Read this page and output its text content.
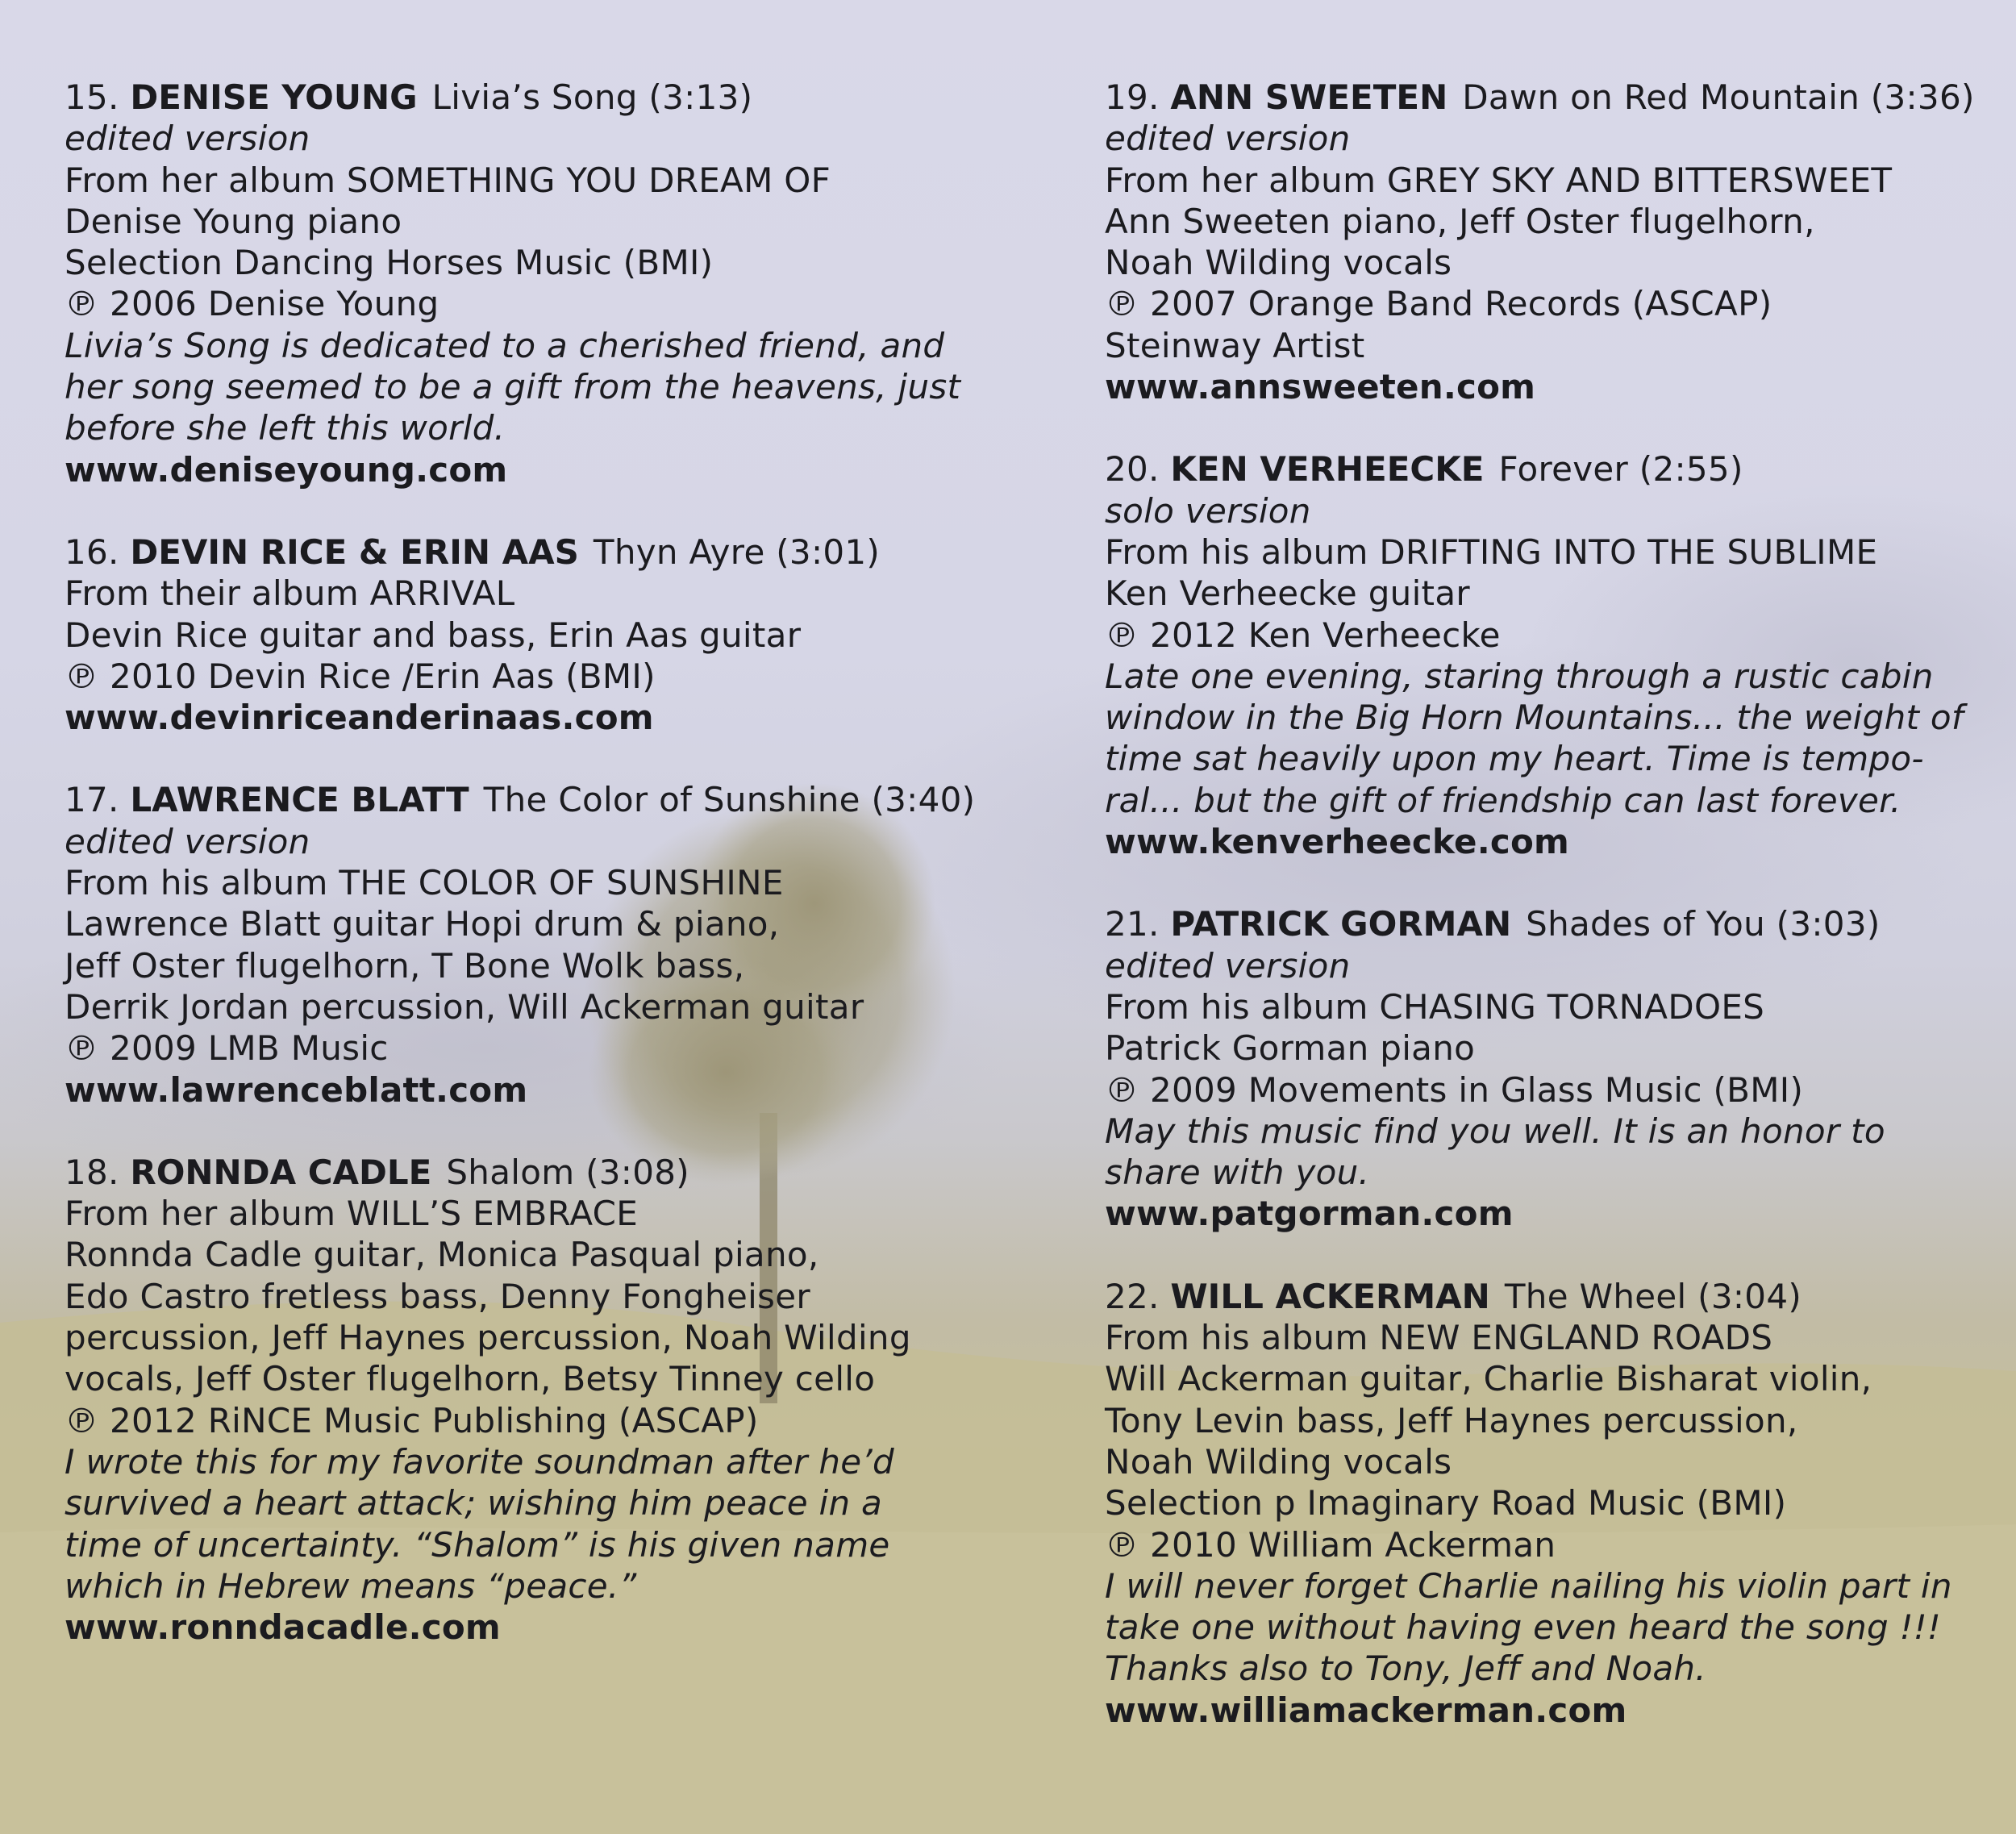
15. DENISE YOUNG Livia’s Song (3:13)
edited version
From her album SOMETHING YOU DREAM OF
Denise Young piano
Selection Dancing Horses Music (BMI)
℗ 2006 Denise Young
Livia’s Song is dedicated to a cherished friend, and
her song seemed to be a gift from the heavens, just
before she left this world.
www.deniseyoung.com
16. DEVIN RICE & ERIN AAS Thyn Ayre (3:01)
From their album ARRIVAL
Devin Rice guitar and bass, Erin Aas guitar
℗ 2010 Devin Rice /Erin Aas (BMI)
www.devinriceanderinaas.com
17. LAWRENCE BLATT The Color of Sunshine (3:40)
edited version
From his album THE COLOR OF SUNSHINE
Lawrence Blatt guitar Hopi drum & piano,
Jeff Oster flugelhorn, T Bone Wolk bass,
Derrik Jordan percussion, Will Ackerman guitar
℗ 2009 LMB Music
www.lawrenceblatt.com
18. RONNDA CADLE Shalom (3:08)
From her album WILL’S EMBRACE
Ronnda Cadle guitar, Monica Pasqual piano,
Edo Castro fretless bass, Denny Fongheiser
percussion, Jeff Haynes percussion, Noah Wilding
vocals, Jeff Oster flugelhorn, Betsy Tinney cello
℗ 2012 RiNCE Music Publishing (ASCAP)
I wrote this for my favorite soundman after he’d
survived a heart attack; wishing him peace in a
time of uncertainty. “Shalom” is his given name
which in Hebrew means “peace.”
www.ronndacadle.com
19. ANN SWEETEN Dawn on Red Mountain (3:36)
edited version
From her album GREY SKY AND BITTERSWEET
Ann Sweeten piano, Jeff Oster flugelhorn,
Noah Wilding vocals
℗ 2007 Orange Band Records (ASCAP)
Steinway Artist
www.annsweeten.com
20. KEN VERHEECKE Forever (2:55)
solo version
From his album DRIFTING INTO THE SUBLIME
Ken Verheecke guitar
℗ 2012 Ken Verheecke
Late one evening, staring through a rustic cabin
window in the Big Horn Mountains... the weight of
time sat heavily upon my heart. Time is tempo-
ral... but the gift of friendship can last forever.
www.kenverheecke.com
21. PATRICK GORMAN Shades of You (3:03)
edited version
From his album CHASING TORNADOES
Patrick Gorman piano
℗ 2009 Movements in Glass Music (BMI)
May this music find you well. It is an honor to
share with you.
www.patgorman.com
22. WILL ACKERMAN The Wheel (3:04)
From his album NEW ENGLAND ROADS
Will Ackerman guitar, Charlie Bisharat violin,
Tony Levin bass, Jeff Haynes percussion,
Noah Wilding vocals
Selection p Imaginary Road Music (BMI)
℗ 2010 William Ackerman
I will never forget Charlie nailing his violin part in
take one without having even heard the song !!!
Thanks also to Tony, Jeff and Noah.
www.williamackerman.com
